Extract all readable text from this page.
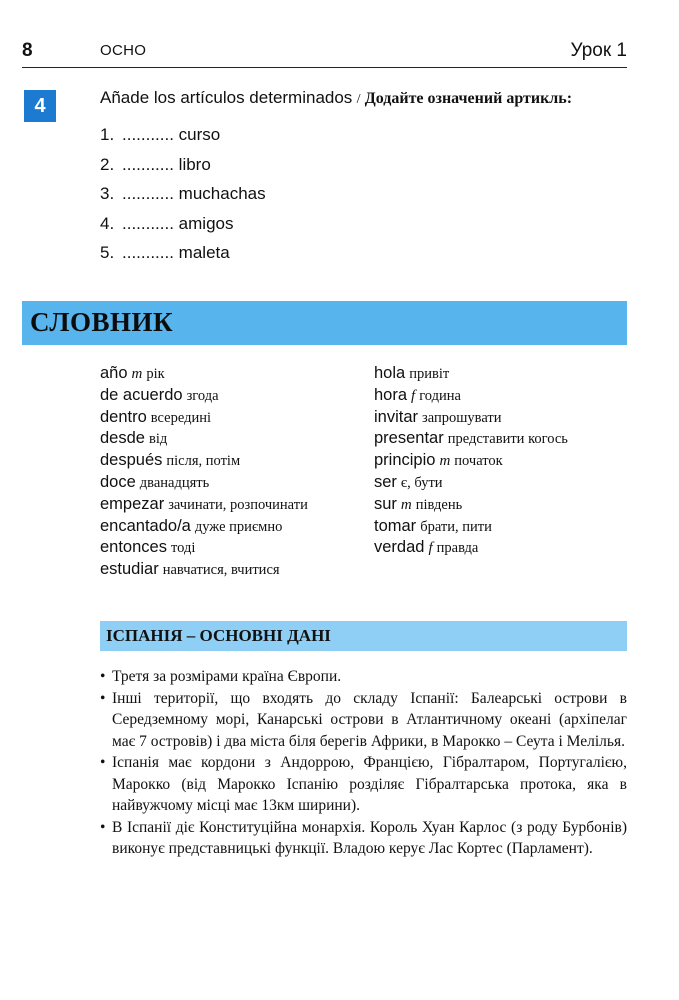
8	ОСНО	Урок 1
4	Añade los artículos determinados / Додайте означений артикль:
1. ........... curso
2. ........... libro
3. ........... muchachas
4. ........... amigos
5. ........... maleta
СЛОВНИК
año m рік
de acuerdo згода
dentro всередині
desde від
después після, потім
doce дванадцять
empezar зачинати, розпочинати
encantado/a дуже приємно
entonces тоді
estudiar навчатися, вчитися
hola привіт
hora f година
invitar запрошувати
presentar представити когось
principio m початок
ser є, бути
sur m південь
tomar брати, пити
verdad f правда
ІСПАНІЯ – ОСНОВНІ ДАНІ
• Третя за розмірами країна Європи.
• Інші території, що входять до складу Іспанії: Балеарські острови в Середземному морі, Канарські острови в Атлантичному океані (архіпелаг має 7 островів) і два міста біля берегів Африки, в Марокко – Сеута і Мелілья.
• Іспанія має кордони з Андоррою, Францією, Гібралтаром, Португалією, Марокко (від Марокко Іспанію розділяє Гібралтарська протока, яка в найвужчому місці має 13км ширини).
• В Іспанії діє Конституційна монархія. Король Хуан Карлос (з роду Бурбонів) виконує представницькі функції. Владою керує Лас Кортес (Парламент).
